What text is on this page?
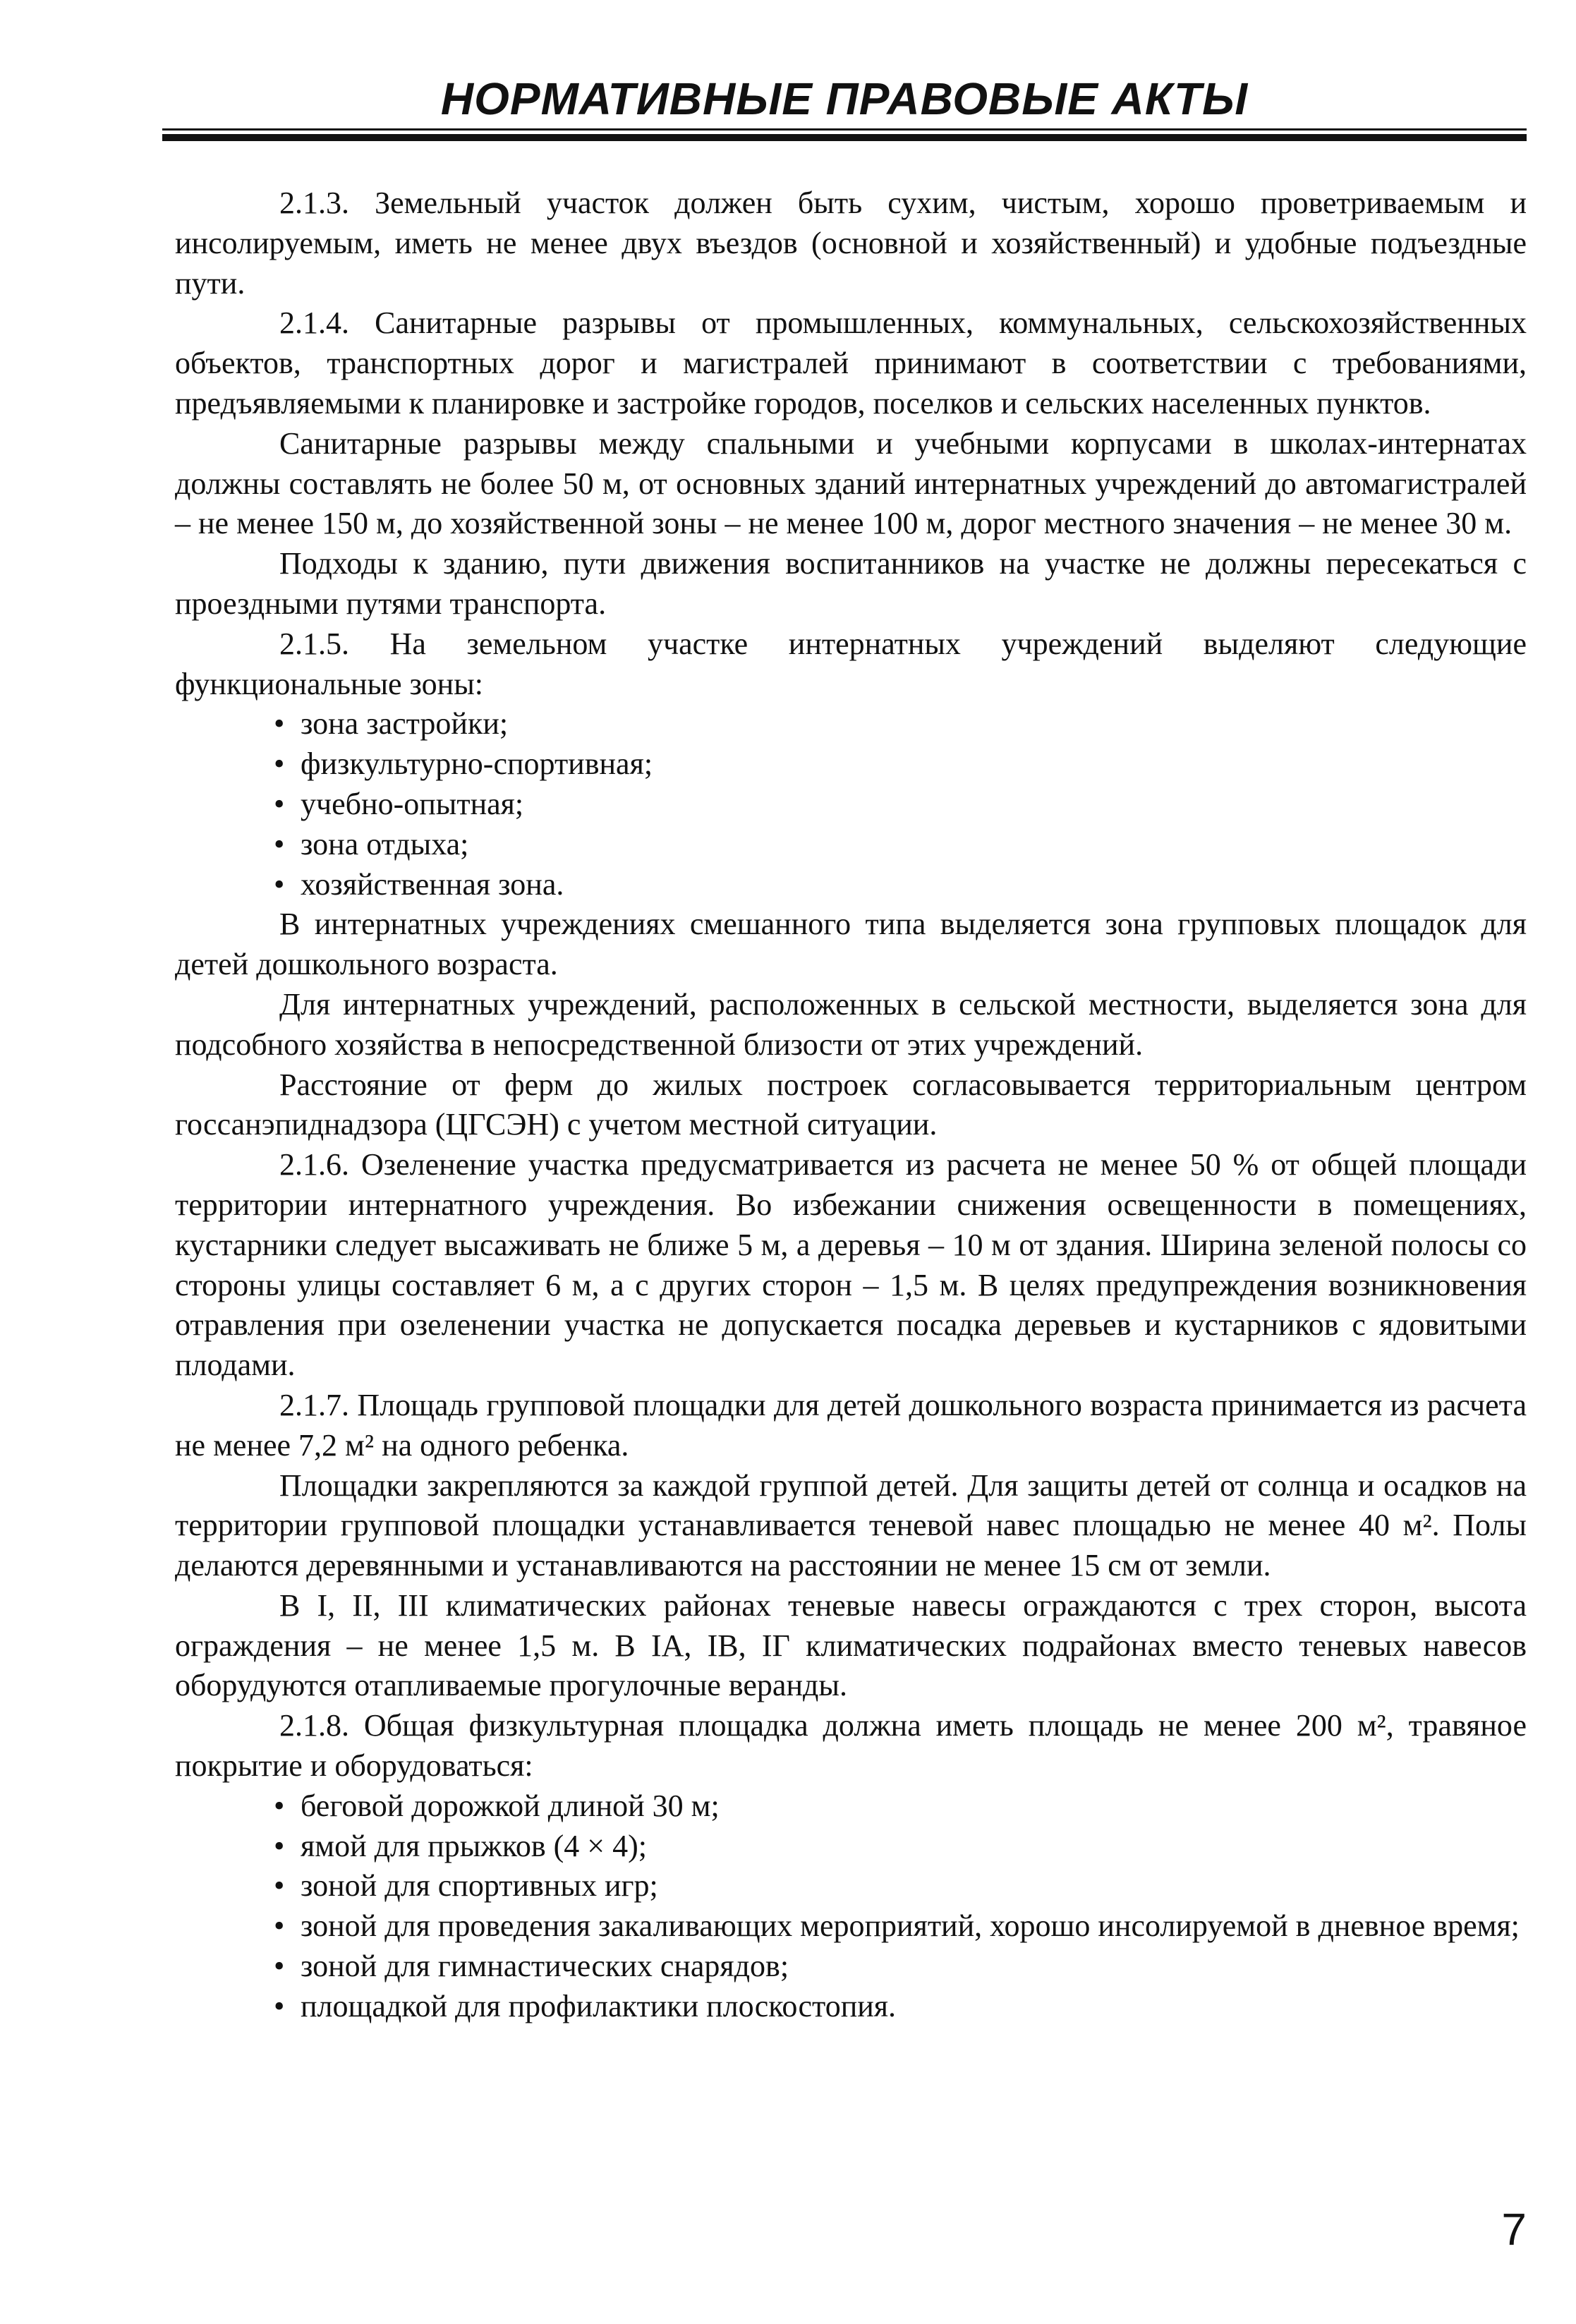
НОРМАТИВНЫЕ ПРАВОВЫЕ АКТЫ

2.1.3. Земельный участок должен быть сухим, чистым, хорошо проветриваемым и инсолируемым, иметь не менее двух въездов (основной и хозяйственный) и удобные подъездные пути.

2.1.4. Санитарные разрывы от промышленных, коммунальных, сельскохозяйственных объектов, транспортных дорог и магистралей принимают в соответствии с требованиями, предъявляемыми к планировке и застройке городов, поселков и сельских населенных пунктов.

Санитарные разрывы между спальными и учебными корпусами в школах-интернатах должны составлять не более 50 м, от основных зданий интернатных учреждений до автомагистралей – не менее 150 м, до хозяйственной зоны – не менее 100 м, дорог местного значения – не менее 30 м.

Подходы к зданию, пути движения воспитанников на участке не должны пересекаться с проездными путями транспорта.

2.1.5. На земельном участке интернатных учреждений выделяют следующие функциональные зоны:

• зона застройки;
• физкультурно-спортивная;
• учебно-опытная;
• зона отдыха;
• хозяйственная зона.

В интернатных учреждениях смешанного типа выделяется зона групповых площадок для детей дошкольного возраста.

Для интернатных учреждений, расположенных в сельской местности, выделяется зона для подсобного хозяйства в непосредственной близости от этих учреждений.

Расстояние от ферм до жилых построек согласовывается территориальным центром госсанэпиднадзора (ЦГСЭН) с учетом местной ситуации.

2.1.6. Озеленение участка предусматривается из расчета не менее 50 % от общей площади территории интернатного учреждения. Во избежании снижения освещенности в помещениях, кустарники следует высаживать не ближе 5 м, а деревья – 10 м от здания. Ширина зеленой полосы со стороны улицы составляет 6 м, а с других сторон – 1,5 м. В целях предупреждения возникновения отравления при озеленении участка не допускается посадка деревьев и кустарников с ядовитыми плодами.

2.1.7. Площадь групповой площадки для детей дошкольного возраста принимается из расчета не менее 7,2 м² на одного ребенка.

Площадки закрепляются за каждой группой детей. Для защиты детей от солнца и осадков на территории групповой площадки устанавливается теневой навес площадью не менее 40 м². Полы делаются деревянными и устанавливаются на расстоянии не менее 15 см от земли.

В I, II, III климатических районах теневые навесы ограждаются с трех сторон, высота ограждения – не менее 1,5 м. В IA, IB, IГ климатических подрайонах вместо теневых навесов оборудуются отапливаемые прогулочные веранды.

2.1.8. Общая физкультурная площадка должна иметь площадь не менее 200 м², травяное покрытие и оборудоваться:

• беговой дорожкой длиной 30 м;
• ямой для прыжков (4 × 4);
• зоной для спортивных игр;
• зоной для проведения закаливающих мероприятий, хорошо инсолируемой в дневное время;
• зоной для гимнастических снарядов;
• площадкой для профилактики плоскостопия.
7
